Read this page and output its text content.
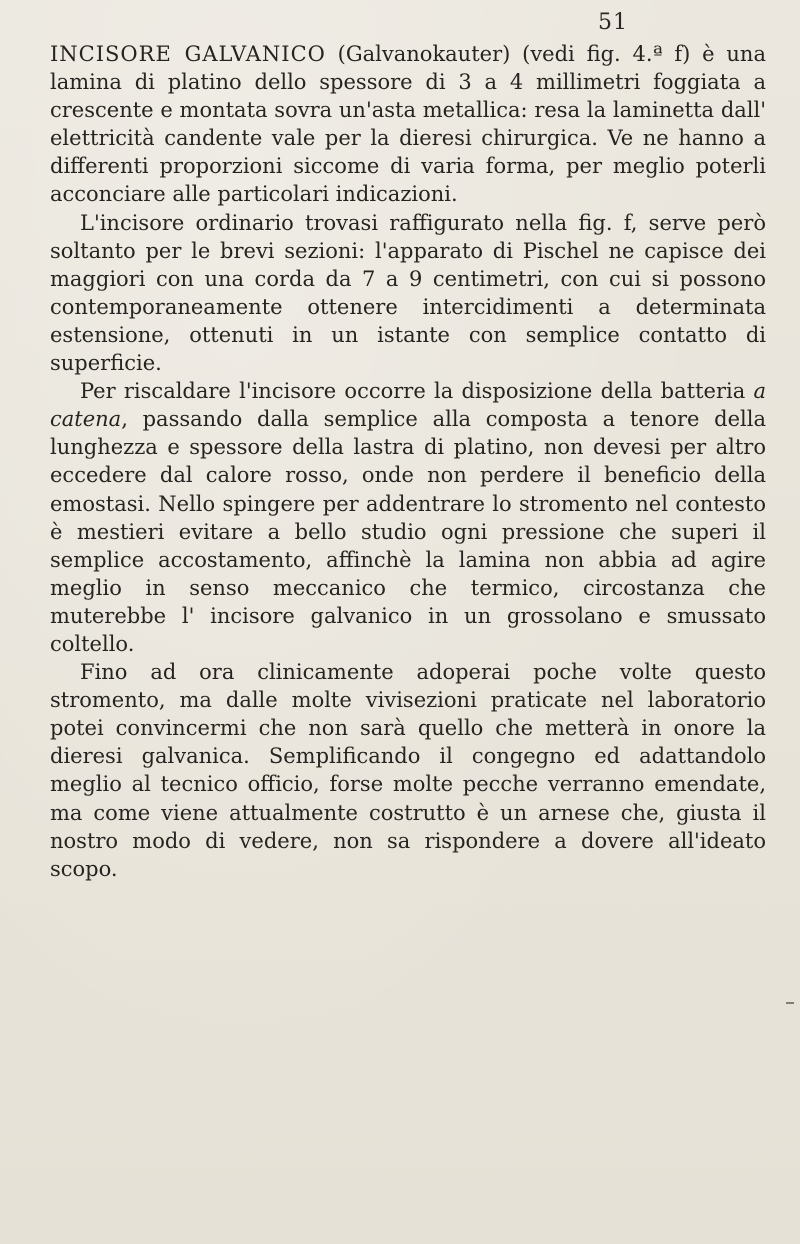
51

INCISORE GALVANICO (Galvanokauter) (vedi fig. 4.ª f) è una lamina di platino dello spessore di 3 a 4 millimetri foggiata a crescente e montata sovra un'asta metallica: resa la laminetta dall' elettricità candente vale per la dieresi chirurgica. Ve ne hanno a differenti proporzioni siccome di varia forma, per meglio poterli acconciare alle particolari indicazioni.

L'incisore ordinario trovasi raffigurato nella fig. f, serve però soltanto per le brevi sezioni: l'apparato di Pischel ne capisce dei maggiori con una corda da 7 a 9 centimetri, con cui si possono contemporaneamente ottenere intercidimenti a determinata estensione, ottenuti in un istante con semplice contatto di superficie.

Per riscaldare l'incisore occorre la disposizione della batteria a catena, passando dalla semplice alla composta a tenore della lunghezza e spessore della lastra di platino, non devesi per altro eccedere dal calore rosso, onde non perdere il beneficio della emostasi. Nello spingere per addentrare lo stromento nel contesto è mestieri evitare a bello studio ogni pressione che superi il semplice accostamento, affinchè la lamina non abbia ad agire meglio in senso meccanico che termico, circostanza che muterebbe l' incisore galvanico in un grossolano e smussato coltello.

Fino ad ora clinicamente adoperai poche volte questo stromento, ma dalle molte vivisezioni praticate nel laboratorio potei convincermi che non sarà quello che metterà in onore la dieresi galvanica. Semplificando il congegno ed adattandolo meglio al tecnico officio, forse molte pecche verranno emendate, ma come viene attualmente costrutto è un arnese che, giusta il nostro modo di vedere, non sa rispondere a dovere all'ideato scopo.
